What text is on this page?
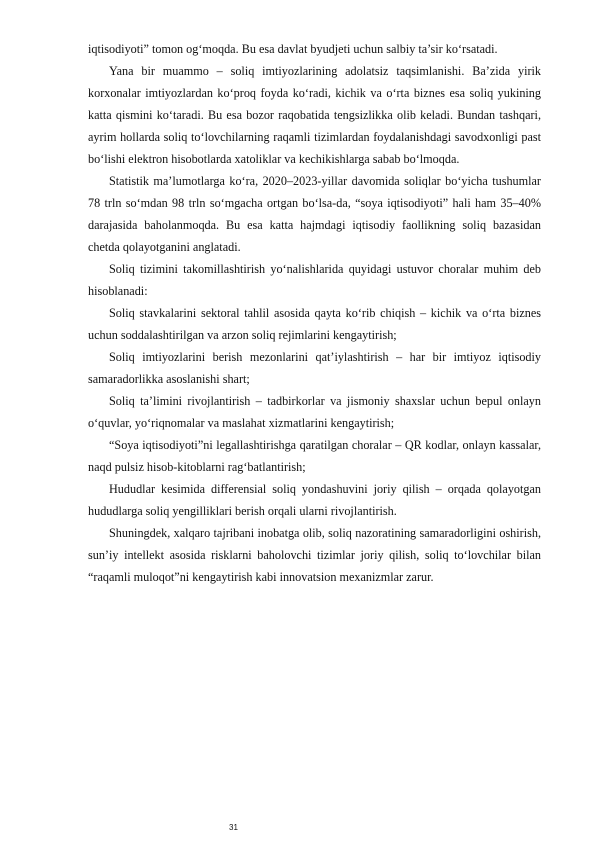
iqtisodiyoti” tomon og‘moqda. Bu esa davlat byudjeti uchun salbiy ta’sir ko‘rsatadi.

Yana bir muammo – soliq imtiyozlarining adolatsiz taqsimlanishi. Ba’zida yirik korxonalar imtiyozlardan ko‘proq foyda ko‘radi, kichik va o‘rta biznes esa soliq yukining katta qismini ko‘taradi. Bu esa bozor raqobatida tengsizlikka olib keladi. Bundan tashqari, ayrim hollarda soliq to‘lovchilarning raqamli tizimlardan foydalanishdagi savodxonligi past bo‘lishi elektron hisobotlarda xatoliklar va kechikishlarga sabab bo‘lmoqda.

Statistik ma’lumotlarga ko‘ra, 2020–2023-yillar davomida soliqlar bo‘yicha tushumlar 78 trln so‘mdan 98 trln so‘mgacha ortgan bo‘lsa-da, “soya iqtisodiyoti” hali ham 35–40% darajasida baholanmoqda. Bu esa katta hajmdagi iqtisodiy faollikning soliq bazasidan chetda qolayotganini anglatadi.

Soliq tizimini takomillashtirish yo‘nalishlarida quyidagi ustuvor choralar muhim deb hisoblanadi:

Soliq stavkalarini sektoral tahlil asosida qayta ko‘rib chiqish – kichik va o‘rta biznes uchun soddalashtirilgan va arzon soliq rejimlarini kengaytirish;

Soliq imtiyozlarini berish mezonlarini qat’iylashtirish – har bir imtiyoz iqtisodiy samaradorlikka asoslanishi shart;

Soliq ta’limini rivojlantirish – tadbirkorlar va jismoniy shaxslar uchun bepul onlayn o‘quvlar, yo‘riqnomalar va maslahat xizmatlarini kengaytirish;

“Soya iqtisodiyoti”ni legallashtirishga qaratilgan choralar – QR kodlar, onlayn kassalar, naqd pulsiz hisob-kitoblarni rag‘batlantirish;

Hududlar kesimida differensial soliq yondashuvini joriy qilish – orqada qolayotgan hududlarga soliq yengilliklari berish orqali ularni rivojlantirish.

Shuningdek, xalqaro tajribani inobatga olib, soliq nazoratining samaradorligini oshirish, sun’iy intellekt asosida risklarni baholovchi tizimlar joriy qilish, soliq to‘lovchilar bilan “raqamli muloqot”ni kengaytirish kabi innovatsion mexanizmlar zarur.

31
